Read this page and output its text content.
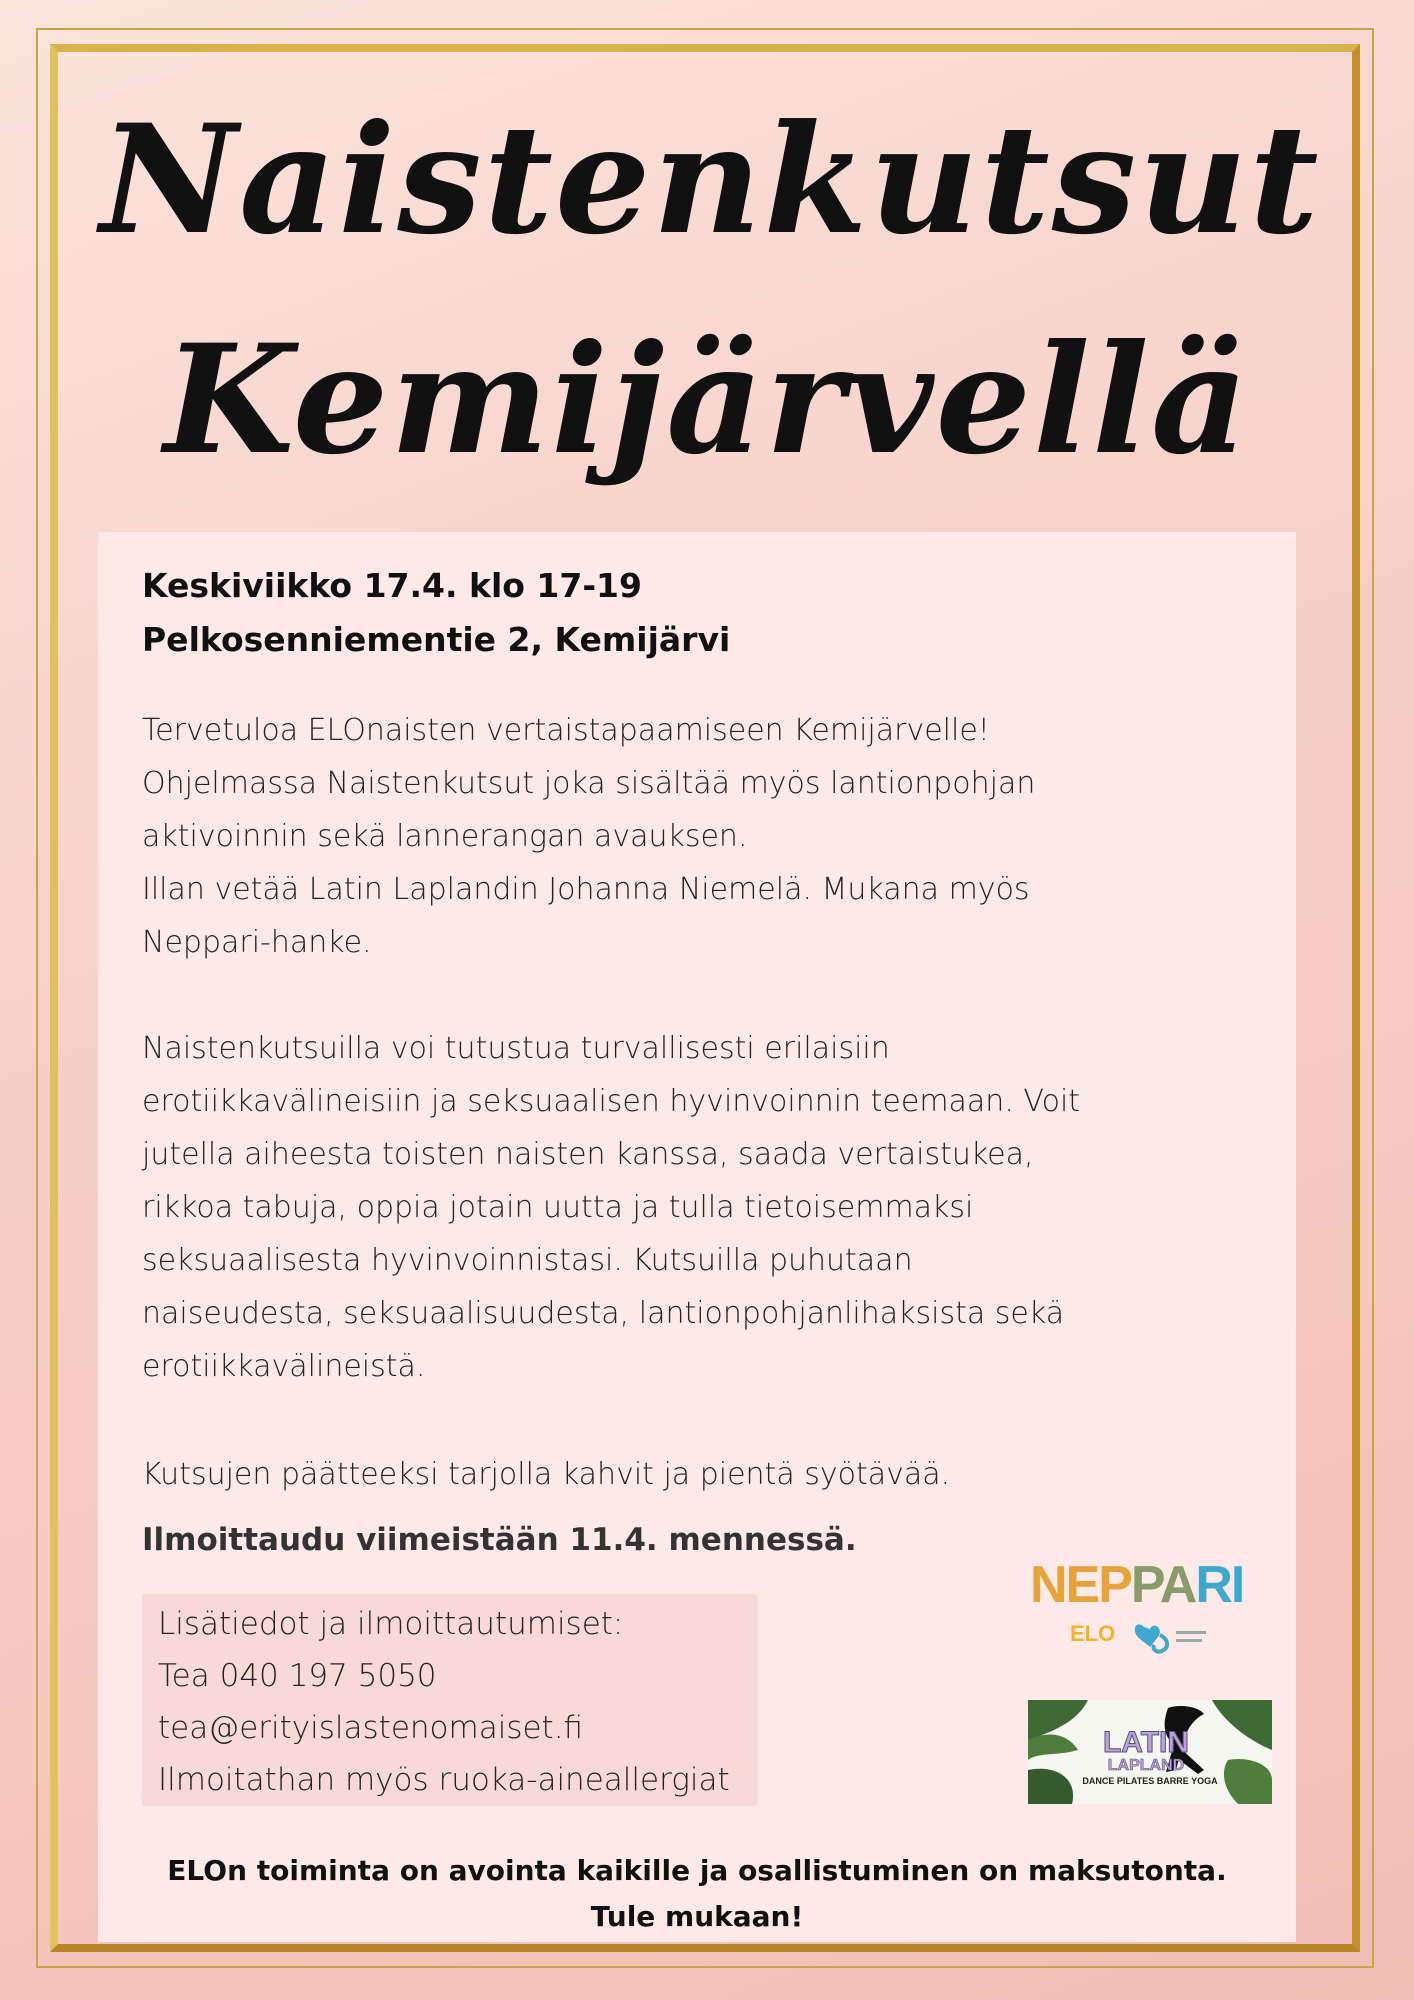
Naistenkutsut
Kemijärvellä

Keskiviikko 17.4. klo 17-19

Pelkosenniementie 2, Kemijärvi

Tervetuloa ELOnaisten vertaistapaamiseen Kemijärvelle!
Ohjelmassa Naistenkutsut joka sisältää myös lantionpohjan
aktivoinnin sekä lannerangan avauksen.
Illan vetää Latin Laplandin Johanna Niemelä. Mukana myös
Neppari-hanke.
Naistenkutsuilla voi tutustua turvallisesti erilaisiin
erotiikkavälineisiin ja seksuaalisen hyvinvoinnin teemaan. Voit
jutella aiheesta toisten naisten kanssa, saada vertaistukea,
rikkoa tabuja, oppia jotain uutta ja tulla tietoisemmaksi
seksuaalisesta hyvinvoinnistasi. Kutsuilla puhutaan
naiseudesta, seksuaalisuudesta, lantionpohjanlihaksista sekä
erotiikkavälineistä.
Kutsujen päätteeksi tarjolla kahvit ja pientä syötävää.

Ilmoittaudu viimeistään 11.4. mennessä.

Lisätiedot ja ilmoittautumiset:
Tea 040 197 5050
tea@erityislastenomaiset.fi
Ilmoitathan myös ruoka-aineallergiat
NEPPARI
ELO
LATIN
LAPLAND
DANCE PILATES BARRE YOGA

ELOn toiminta on avointa kaikille ja osallistuminen on maksutonta.

Tule mukaan!
